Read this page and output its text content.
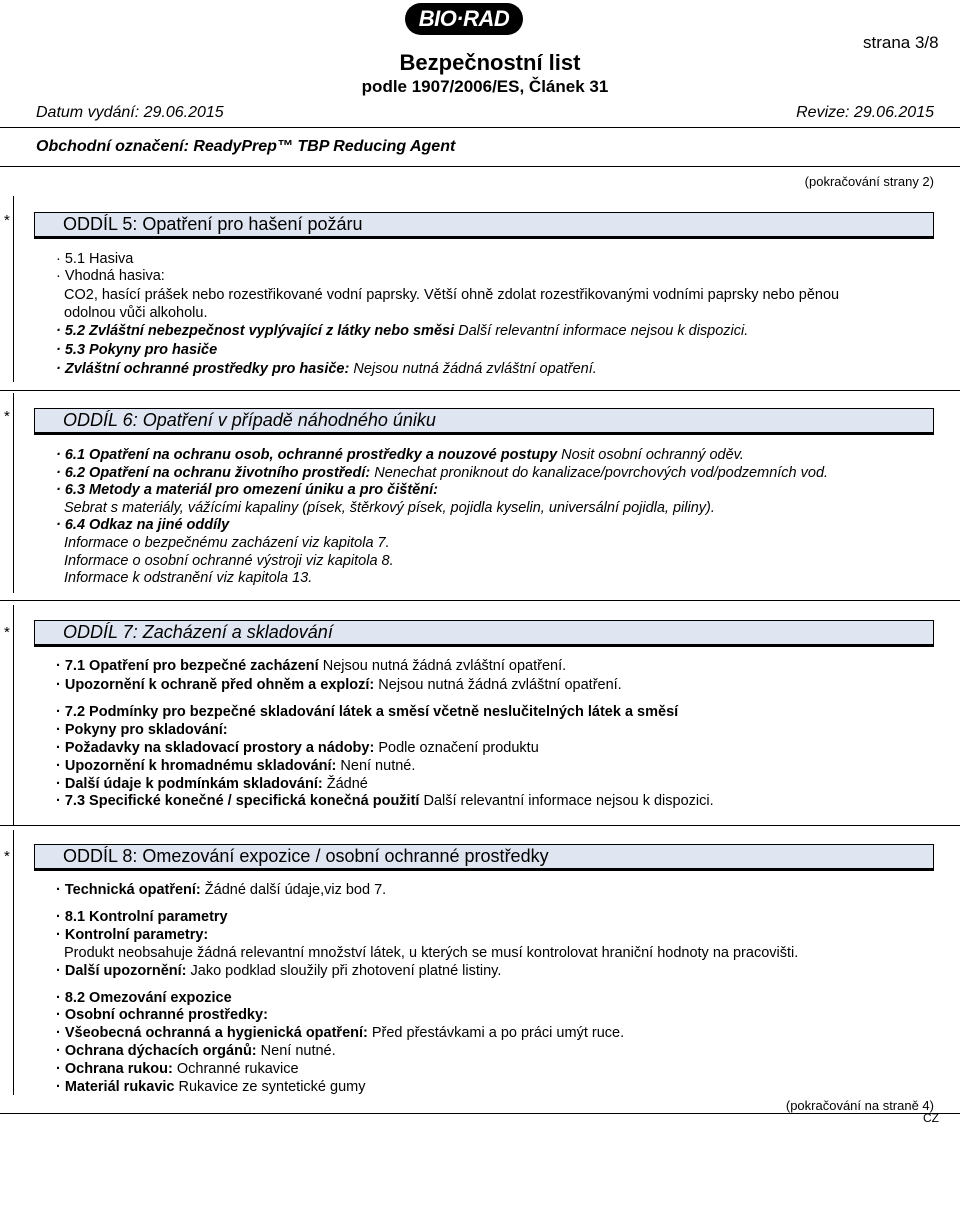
BIO·RAD
strana 3/8
Bezpečnostní list
podle 1907/2006/ES, Článek 31
Datum vydání: 29.06.2015	Revize: 29.06.2015
Obchodní označení: ReadyPrep™ TBP Reducing Agent
(pokračování strany 2)
*	ODDÍL 5: Opatření pro hašení požáru
· 5.1 Hasiva
· Vhodná hasiva:
CO2, hasící prášek nebo rozestřikované vodní paprsky. Větší ohně zdolat rozestřikovanými vodními paprsky nebo pěnou
odolnou vůči alkoholu.
· 5.2 Zvláštní nebezpečnost vyplývající z látky nebo směsi Další relevantní informace nejsou k dispozici.
· 5.3 Pokyny pro hasiče
· Zvláštní ochranné prostředky pro hasiče: Nejsou nutná žádná zvláštní opatření.
*	ODDÍL 6: Opatření v případě náhodného úniku
· 6.1 Opatření na ochranu osob, ochranné prostředky a nouzové postupy Nosit osobní ochranný oděv.
· 6.2 Opatření na ochranu životního prostředí: Nenechat proniknout do kanalizace/povrchových vod/podzemních vod.
· 6.3 Metody a materiál pro omezení úniku a pro čištění:
Sebrat s materiály, vážícími kapaliny (písek, štěrkový písek, pojidla kyselin, universální pojidla, piliny).
· 6.4 Odkaz na jiné oddíly
Informace o bezpečnému zacházení viz kapitola 7.
Informace o osobní ochranné výstroji viz kapitola 8.
Informace k odstranění viz kapitola 13.
*	ODDÍL 7: Zacházení a skladování
· 7.1 Opatření pro bezpečné zacházení Nejsou nutná žádná zvláštní opatření.
· Upozornění k ochraně před ohněm a explozí: Nejsou nutná žádná zvláštní opatření.
· 7.2 Podmínky pro bezpečné skladování látek a směsí včetně neslučitelných látek a směsí
· Pokyny pro skladování:
· Požadavky na skladovací prostory a nádoby: Podle označení produktu
· Upozornění k hromadnému skladování: Není nutné.
· Další údaje k podmínkám skladování: Žádné
· 7.3 Specifické konečné / specifická konečná použití Další relevantní informace nejsou k dispozici.
*	ODDÍL 8: Omezování expozice / osobní ochranné prostředky
· Technická opatření: Žádné další údaje,viz bod 7.
· 8.1 Kontrolní parametry
· Kontrolní parametry:
Produkt neobsahuje žádná relevantní množství látek, u kterých se musí kontrolovat hraniční hodnoty na pracovišti.
· Další upozornění: Jako podklad sloužily při zhotovení platné listiny.
· 8.2 Omezování expozice
· Osobní ochranné prostředky:
· Všeobecná ochranná a hygienická opatření: Před přestávkami a po práci umýt ruce.
· Ochrana dýchacích orgánů: Není nutné.
· Ochrana rukou: Ochranné rukavice
· Materiál rukavic Rukavice ze syntetické gumy
(pokračování na straně 4)
CZ
